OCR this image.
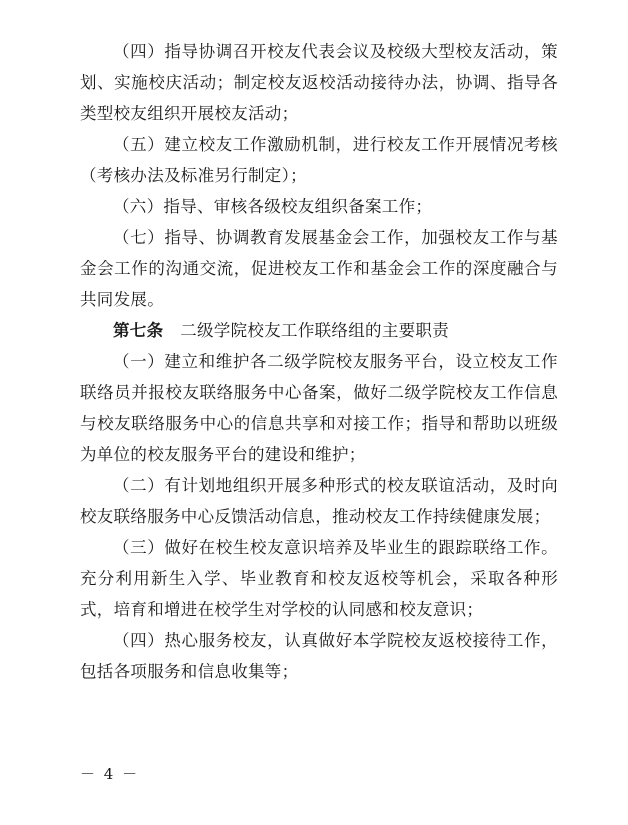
（四）指导协调召开校友代表会议及校级大型校友活动，策划、实施校庆活动；制定校友返校活动接待办法，协调、指导各类型校友组织开展校友活动；

（五）建立校友工作激励机制，进行校友工作开展情况考核（考核办法及标准另行制定）；

（六）指导、审核各级校友组织备案工作；

（七）指导、协调教育发展基金会工作，加强校友工作与基金会工作的沟通交流，促进校友工作和基金会工作的深度融合与共同发展。

第七条　 二级学院校友工作联络组的主要职责

（一）建立和维护各二级学院校友服务平台，设立校友工作联络员并报校友联络服务中心备案，做好二级学院校友工作信息与校友联络服务中心的信息共享和对接工作；指导和帮助以班级为单位的校友服务平台的建设和维护；

（二）有计划地组织开展多种形式的校友联谊活动，及时向校友联络服务中心反馈活动信息，推动校友工作持续健康发展；

（三）做好在校生校友意识培养及毕业生的跟踪联络工作。充分利用新生入学、毕业教育和校友返校等机会，采取各种形式，培育和增进在校学生对学校的认同感和校友意识；

（四）热心服务校友，认真做好本学院校友返校接待工作，包括各项服务和信息收集等；

－ 4 －
